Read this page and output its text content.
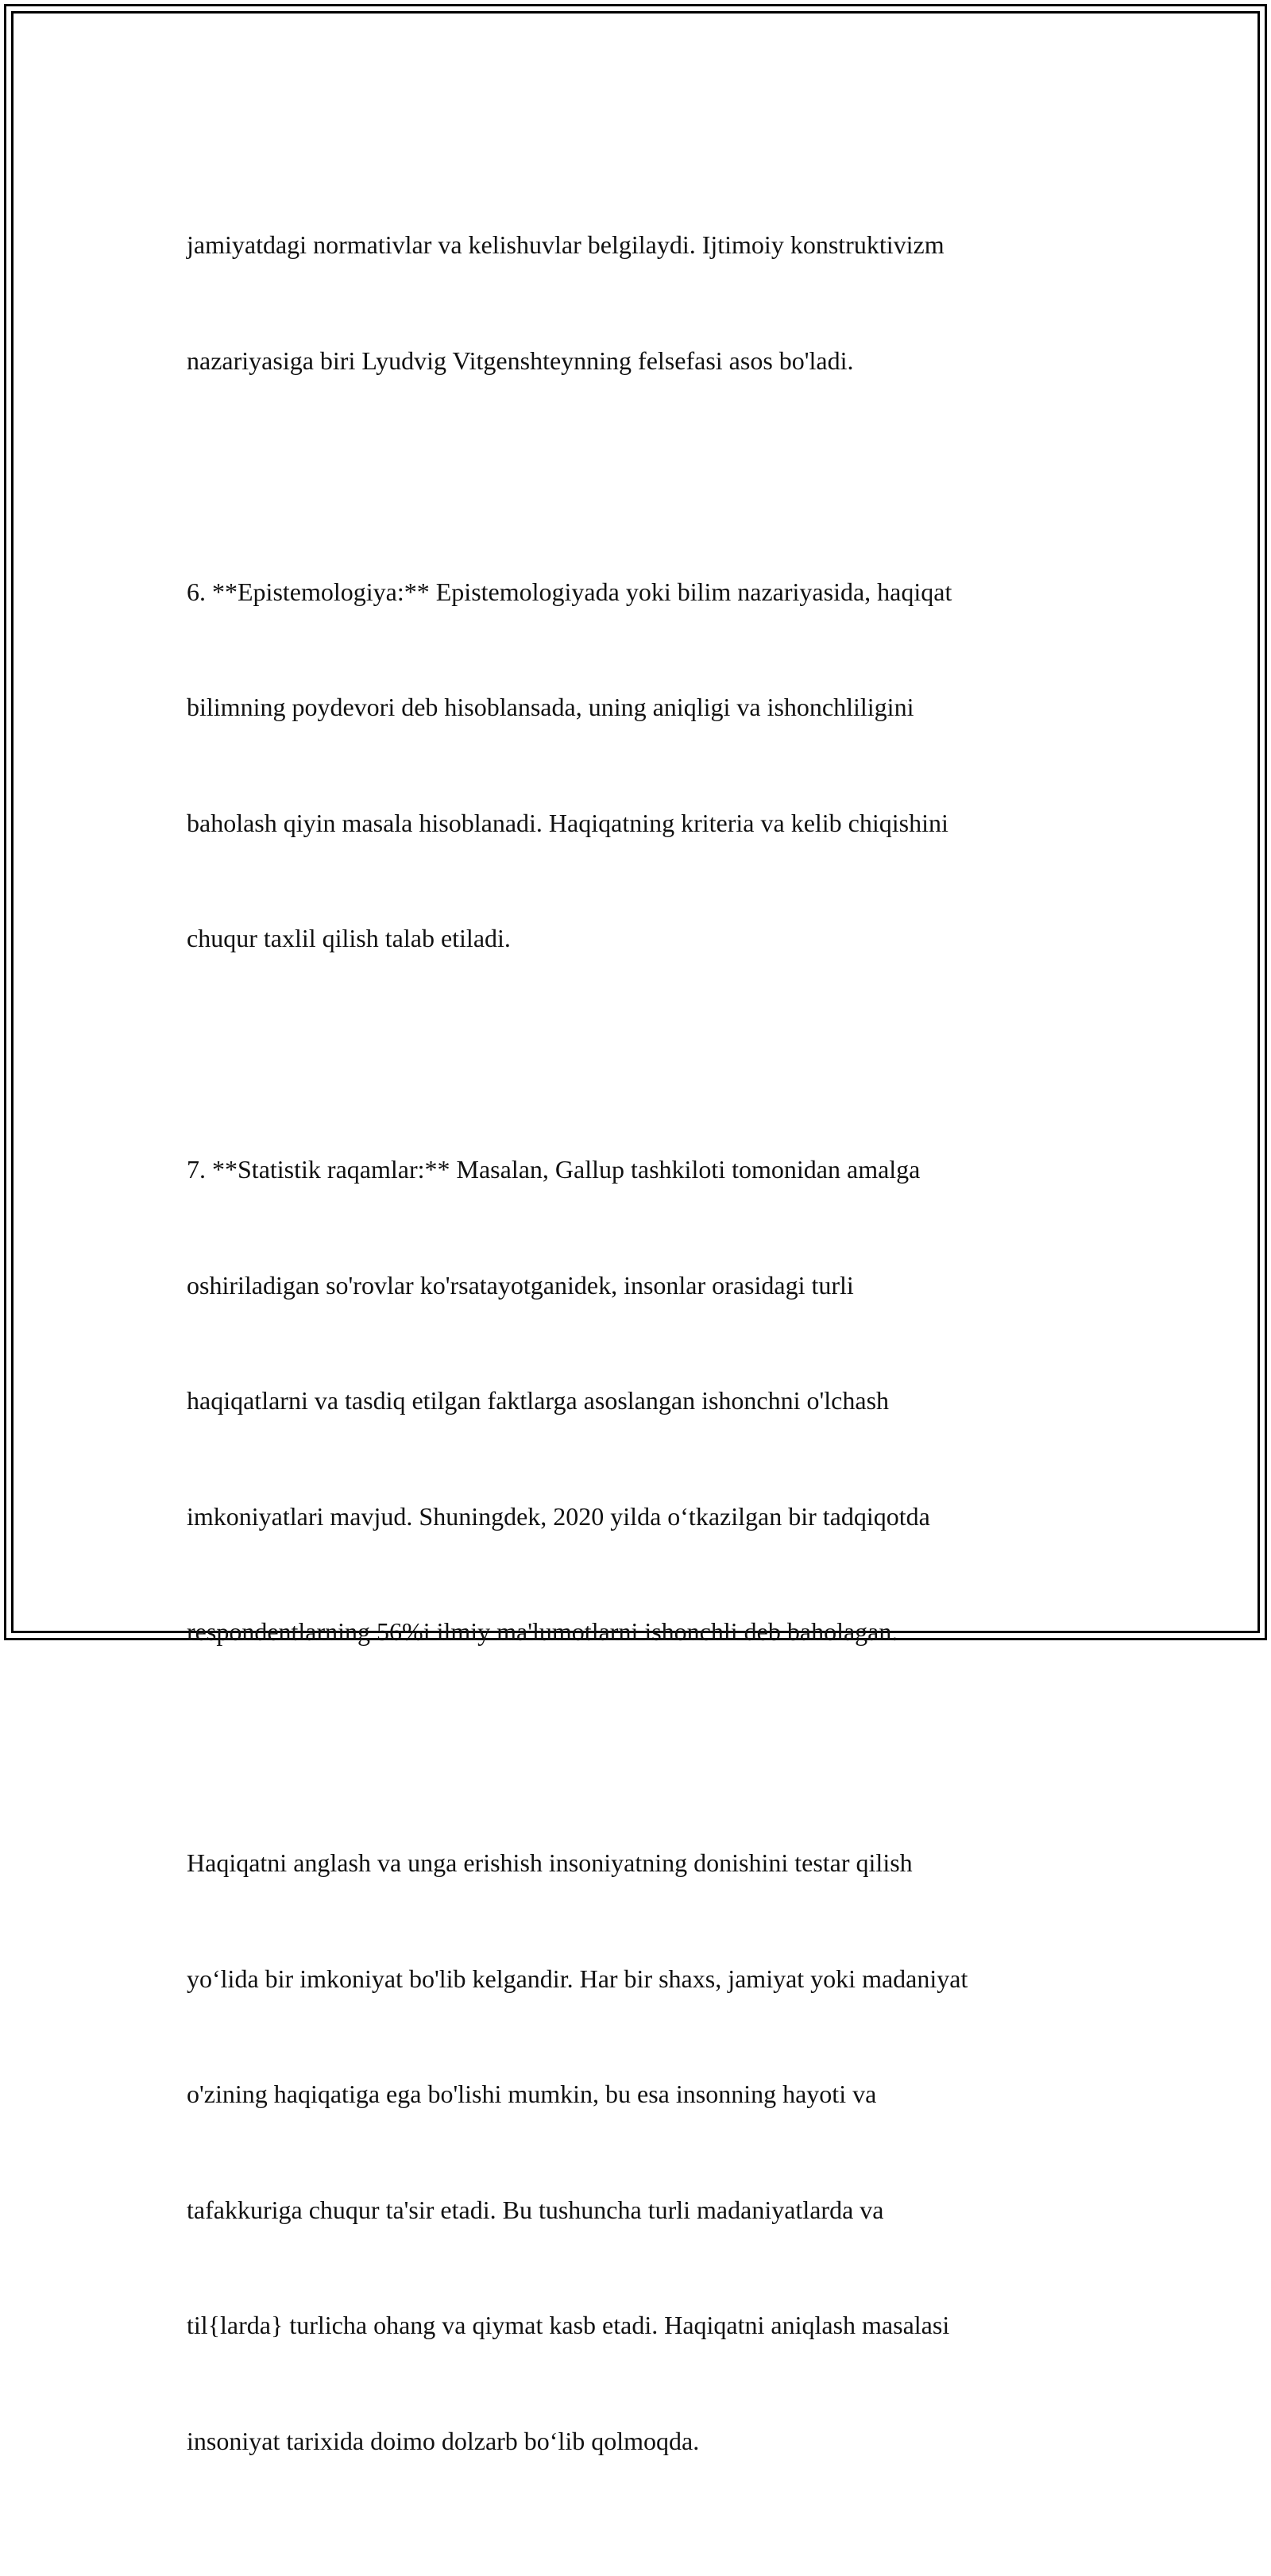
jamiyatdagi normativlar va kelishuvlar belgilaydi. Ijtimoiy konstruktivizm

nazariyasiga biri Lyudvig Vitgenshteynning felsefasi asos bo'ladi.

6. **Epistemologiya:** Epistemologiyada yoki bilim nazariyasida, haqiqat

bilimning poydevori deb hisoblansada, uning aniqligi va ishonchliligini

baholash qiyin masala hisoblanadi. Haqiqatning kriteria va kelib chiqishini

chuqur taxlil qilish talab etiladi.

7. **Statistik raqamlar:** Masalan, Gallup tashkiloti tomonidan amalga

oshiriladigan so'rovlar ko'rsatayotganidek, insonlar orasidagi turli

haqiqatlarni va tasdiq etilgan faktlarga asoslangan ishonchni o'lchash

imkoniyatlari mavjud. Shuningdek, 2020 yilda o‘tkazilgan bir tadqiqotda

respondentlarning 56%i ilmiy ma'lumotlarni ishonchli deb baholagan.

Haqiqatni anglash va unga erishish insoniyatning donishini testar qilish

yo‘lida bir imkoniyat bo'lib kelgandir. Har bir shaxs, jamiyat yoki madaniyat

o'zining haqiqatiga ega bo'lishi mumkin, bu esa insonning hayoti va

tafakkuriga chuqur ta'sir etadi. Bu tushuncha turli madaniyatlarda va

til{larda} turlicha ohang va qiymat kasb etadi. Haqiqatni aniqlash masalasi

insoniyat tarixida doimo dolzarb bo‘lib qolmoqda.
